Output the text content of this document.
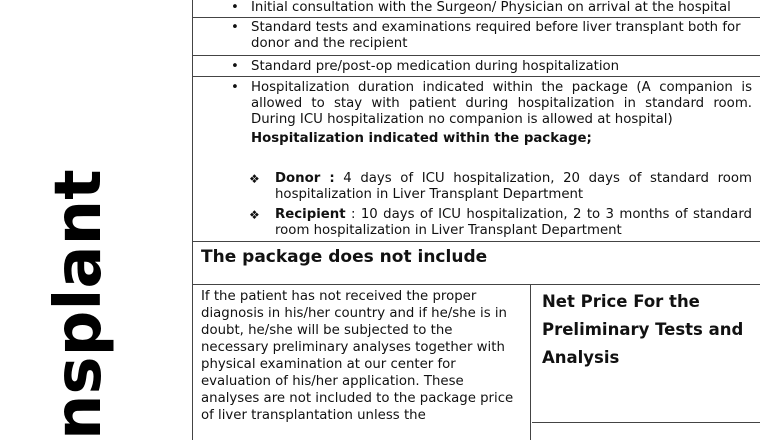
nsplant
• Initial consultation with the Surgeon/ Physician on arrival at the hospital
• Standard tests and examinations required before liver transplant both for donor and the recipient
• Standard pre/post-op medication during hospitalization
• Hospitalization duration indicated within the package (A companion is allowed to stay with patient during hospitalization in standard room. During ICU hospitalization no companion is allowed at hospital)
Hospitalization indicated within the package;
❖ Donor : 4 days of ICU hospitalization, 20 days of standard room hospitalization in Liver Transplant Department
❖ Recipient : 10 days of ICU hospitalization, 2 to 3 months of standard room hospitalization in Liver Transplant Department
The package does not include
If the patient has not received the proper diagnosis in his/her country and if he/she is in doubt, he/she will be subjected to the necessary preliminary analyses together with physical examination at our center for evaluation of his/her application. These analyses are not included to the package price of liver transplantation unless the
Net Price For the Preliminary Tests and Analysis
